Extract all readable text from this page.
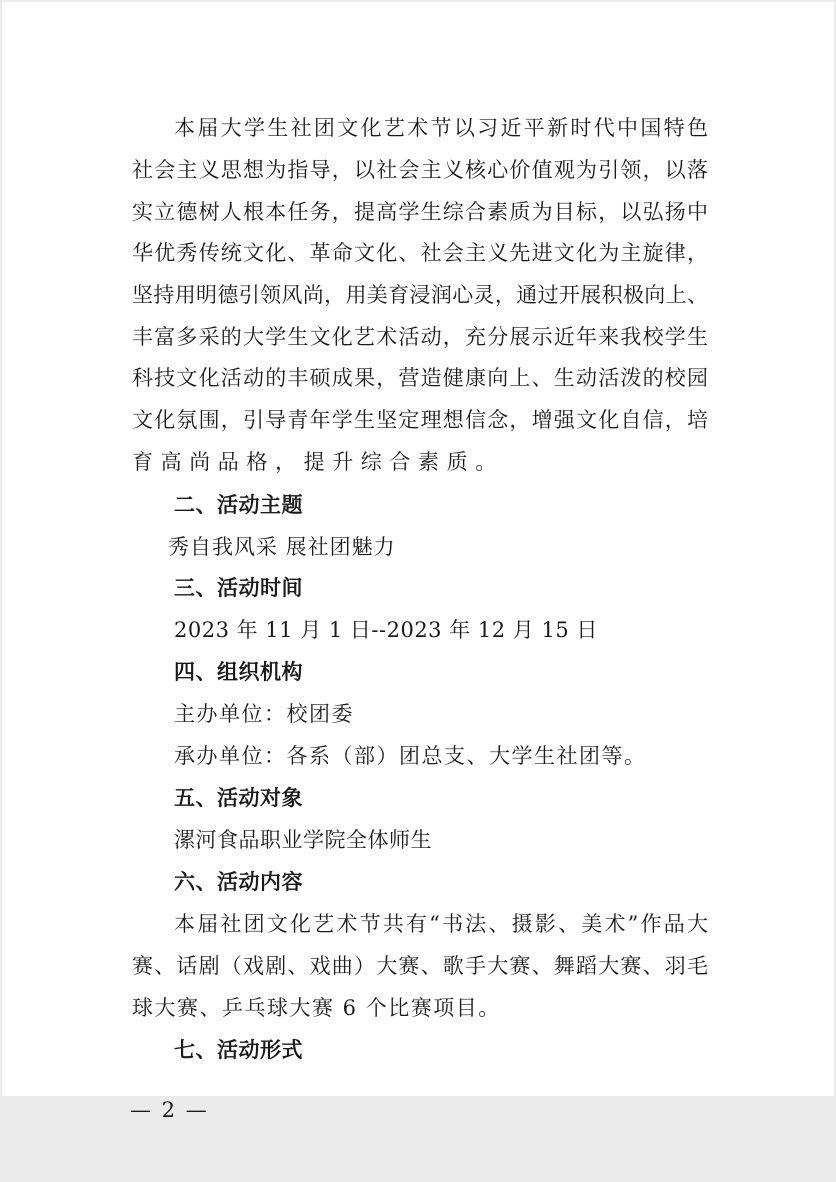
本届大学生社团文化艺术节以习近平新时代中国特色
社会主义思想为指导，以社会主义核心价值观为引领，以落
实立德树人根本任务，提高学生综合素质为目标，以弘扬中
华优秀传统文化、革命文化、社会主义先进文化为主旋律，
坚持用明德引领风尚，用美育浸润心灵，通过开展积极向上、
丰富多采的大学生文化艺术活动，充分展示近年来我校学生
科技文化活动的丰硕成果，营造健康向上、生动活泼的校园
文化氛围，引导青年学生坚定理想信念，增强文化自信，培
育高尚品格，提升综合素质。
二、活动主题
秀自我风采 展社团魅力
三、活动时间
2023 年 11 月 1 日--2023 年 12 月 15 日
四、组织机构
主办单位：校团委
承办单位：各系（部）团总支、大学生社团等。
五、活动对象
漯河食品职业学院全体师生
六、活动内容
本届社团文化艺术节共有“书法、摄影、美术”作品大
赛、话剧（戏剧、戏曲）大赛、歌手大赛、舞蹈大赛、羽毛
球大赛、乒乓球大赛 6 个比赛项目。
七、活动形式
— 2 —
